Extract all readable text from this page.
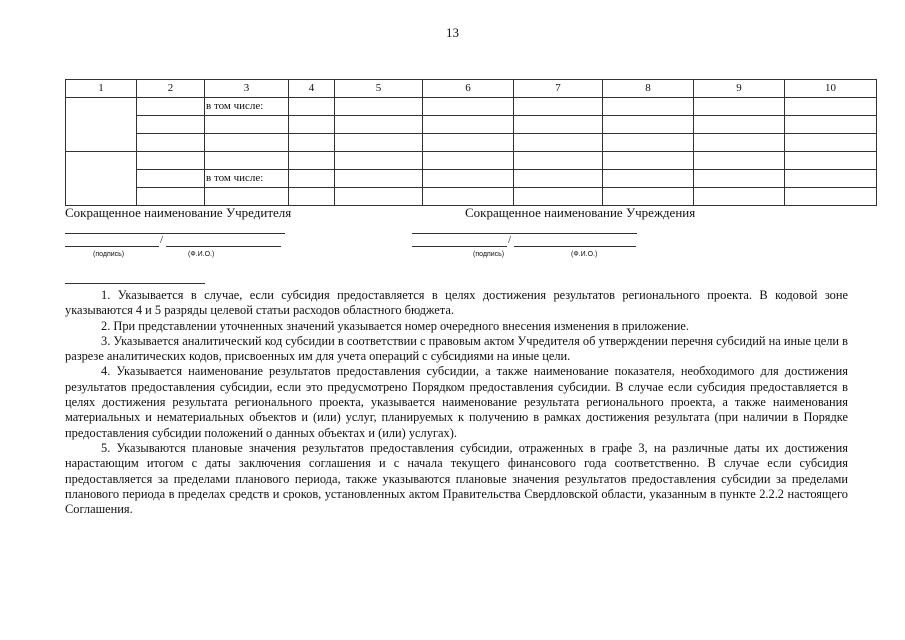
13
1	2	3	4	5	6	7	8	9	10
		в том числе:							

		в том числе:							

Сокращенное наименование Учредителя
/
(подпись)	(Ф.И.О.)
Сокращенное наименование Учреждения
/
(подпись)	(Ф.И.О.)

1. Указывается в случае, если субсидия предоставляется в целях достижения результатов регионального проекта. В кодовой зоне указываются 4 и 5 разряды целевой статьи расходов областного бюджета.

2. При представлении уточненных значений указывается номер очередного внесения изменения в приложение.

3. Указывается аналитический код субсидии в соответствии с правовым актом Учредителя об утверждении перечня субсидий на иные цели в разрезе аналитических кодов, присвоенных им для учета операций с субсидиями на иные цели.

4. Указывается наименование результатов предоставления субсидии, а также наименование показателя, необходимого для достижения результатов предоставления субсидии, если это предусмотрено Порядком предоставления субсидии. В случае если субсидия предоставляется в целях достижения результата регионального проекта, указывается наименование результата регионального проекта, а также наименования материальных и нематериальных объектов и (или) услуг, планируемых к получению в рамках достижения результата (при наличии в Порядке предоставления субсидии положений о данных объектах и (или) услугах).

5. Указываются плановые значения результатов предоставления субсидии, отраженных в графе 3, на различные даты их достижения нарастающим итогом с даты заключения соглашения и с начала текущего финансового года соответственно. В случае если субсидия предоставляется за пределами планового периода, также указываются плановые значения результатов предоставления субсидии за пределами планового периода в пределах средств и сроков, установленных актом Правительства Свердловской области, указанным в пункте 2.2.2 настоящего Соглашения.
